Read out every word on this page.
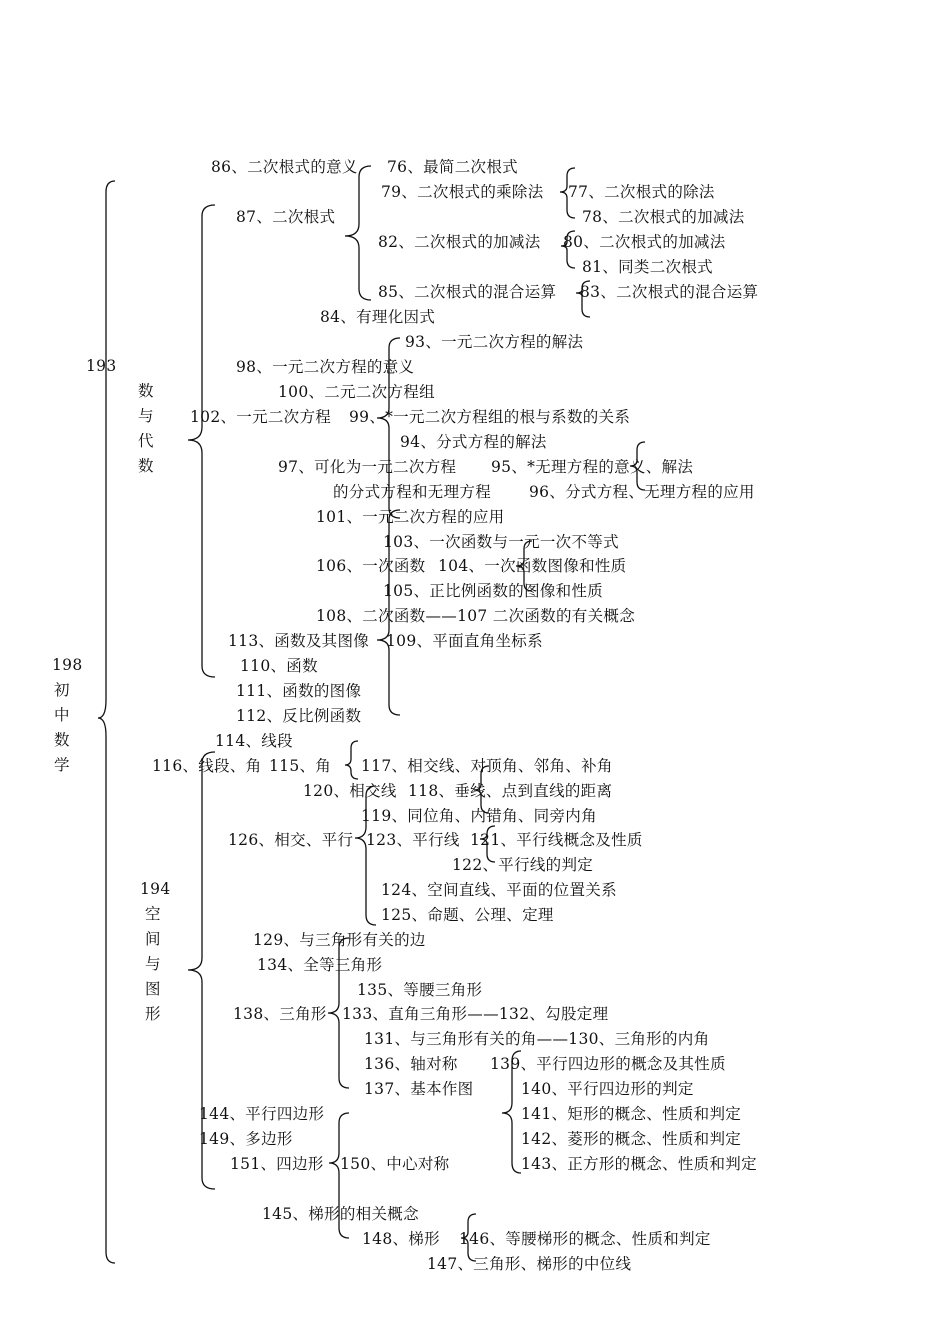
198
初
中
数
学
193
数
与
代
数
194
空
间
与
图
形
86、二次根式的意义 76、最简二次根式
79、二次根式的乘除法 77、二次根式的除法
87、二次根式	78、二次根式的加减法
82、二次根式的加减法 80、二次根式的加减法
81、同类二次根式
85、二次根式的混合运算 83、二次根式的混合运算
84、有理化因式
93、一元二次方程的解法
98、一元二次方程的意义
100、二元二次方程组
102、一元二次方程 99、*一元二次方程组的根与系数的关系
94、分式方程的解法
97、可化为一元二次方程 95、*无理方程的意义、解法
的分式方程和无理方程 96、分式方程、无理方程的应用
101、一元二次方程的应用
103、一次函数与一元一次不等式
106、一次函数 104、一次函数图像和性质
105、正比例函数的图像和性质
108、二次函数——107 二次函数的有关概念
113、函数及其图像 109、平面直角坐标系
110、函数
111、函数的图像
112、反比例函数
114、线段
116、线段、角 115、角 117、相交线、对顶角、邻角、补角
120、相交线 118、垂线、点到直线的距离
119、同位角、内错角、同旁内角
126、相交、平行 123、平行线 121、平行线概念及性质
122、平行线的判定
124、空间直线、平面的位置关系
125、命题、公理、定理
129、与三角形有关的边
134、全等三角形
135、等腰三角形
138、三角形 133、直角三角形——132、勾股定理
131、与三角形有关的角——130、三角形的内角
136、轴对称 139、平行四边形的概念及其性质
137、基本作图	140、平行四边形的判定
144、平行四边形	141、矩形的概念、性质和判定
149、多边形	142、菱形的概念、性质和判定
151、四边形 150、中心对称	143、正方形的概念、性质和判定
145、梯形的相关概念
148、梯形 146、等腰梯形的概念、性质和判定
147、三角形、梯形的中位线
